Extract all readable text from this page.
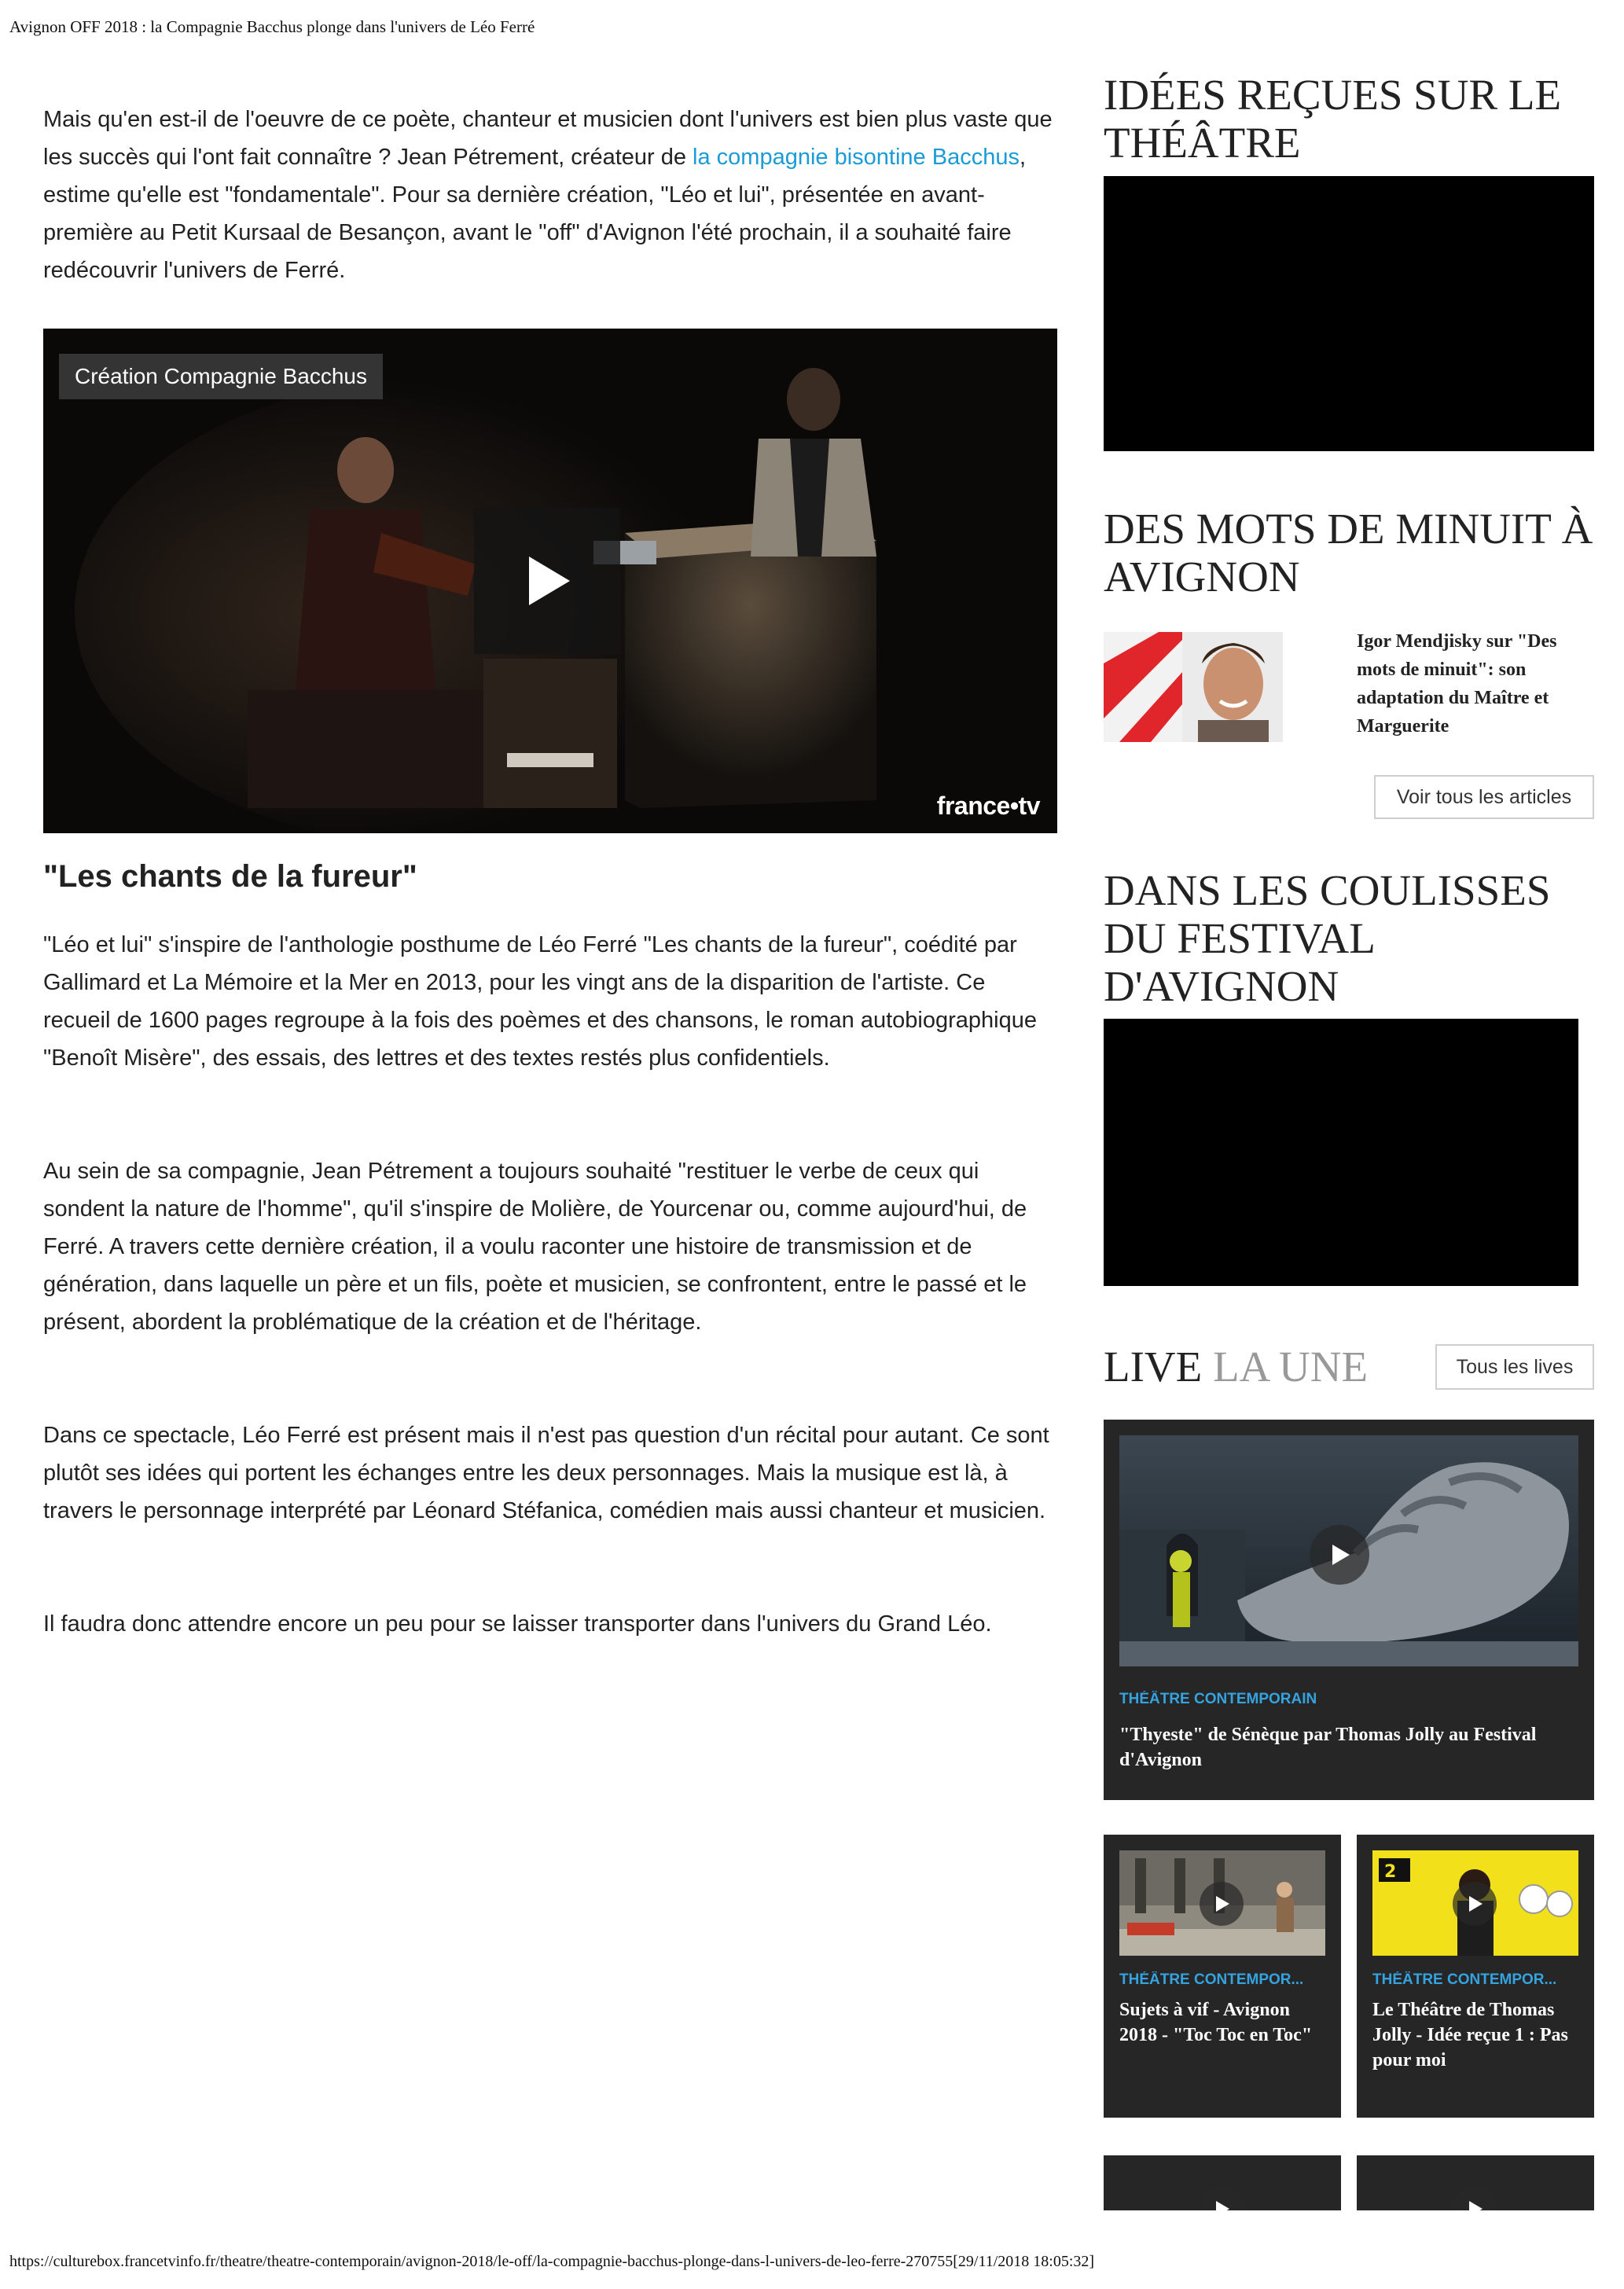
Avignon OFF 2018 : la Compagnie Bacchus plonge dans l'univers de Léo Ferré

Mais qu'en est-il de l'oeuvre de ce poète, chanteur et musicien dont l'univers est bien plus vaste que les succès qui l'ont fait connaître ? Jean Pétrement, créateur de la compagnie bisontine Bacchus, estime qu'elle est "fondamentale". Pour sa dernière création, "Léo et lui", présentée en avant-première au Petit Kursaal de Besançon, avant le "off" d'Avignon l'été prochain, il a souhaité faire redécouvrir l'univers de Ferré.

Création Compagnie Bacchus
france•tv
"Les chants de la fureur"

"Léo et lui" s'inspire de l'anthologie posthume de Léo Ferré "Les chants de la fureur", coédité par Gallimard et La Mémoire et la Mer en 2013, pour les vingt ans de la disparition de l'artiste. Ce recueil de 1600 pages regroupe à la fois des poèmes et des chansons, le roman autobiographique "Benoît Misère", des essais, des lettres et des textes restés plus confidentiels.

Au sein de sa compagnie, Jean Pétrement a toujours souhaité "restituer le verbe de ceux qui sondent la nature de l'homme", qu'il s'inspire de Molière, de Yourcenar ou, comme aujourd'hui, de Ferré. A travers cette dernière création, il a voulu raconter une histoire de transmission et de génération, dans laquelle un père et un fils, poète et musicien, se confrontent, entre le passé et le présent, abordent la problématique de la création et de l'héritage.

Dans ce spectacle, Léo Ferré est présent mais il n'est pas question d'un récital pour autant. Ce sont plutôt ses idées qui portent les échanges entre les deux personnages. Mais la musique est là, à travers le personnage interprété par Léonard Stéfanica, comédien mais aussi chanteur et musicien.

Il faudra donc attendre encore un peu pour se laisser transporter dans l'univers du Grand Léo.

IDÉES REÇUES SUR LE THÉÂTRE
DES MOTS DE MINUIT À AVIGNON
Igor Mendjisky sur "Des mots de minuit": son adaptation du Maître et Marguerite
Voir tous les articles
DANS LES COULISSES DU FESTIVAL D'AVIGNON
LIVE LA UNE	Tous les lives
THÉÂTRE CONTEMPORAIN
"Thyeste" de Sénèque par Thomas Jolly au Festival d'Avignon
THÉÂTRE CONTEMPOR...
Sujets à vif - Avignon 2018 - "Toc Toc en Toc"
2
THÉÂTRE CONTEMPOR...
Le Théâtre de Thomas Jolly - Idée reçue 1 : Pas pour moi
https://culturebox.francetvinfo.fr/theatre/theatre-contemporain/avignon-2018/le-off/la-compagnie-bacchus-plonge-dans-l-univers-de-leo-ferre-270755[29/11/2018 18:05:32]
